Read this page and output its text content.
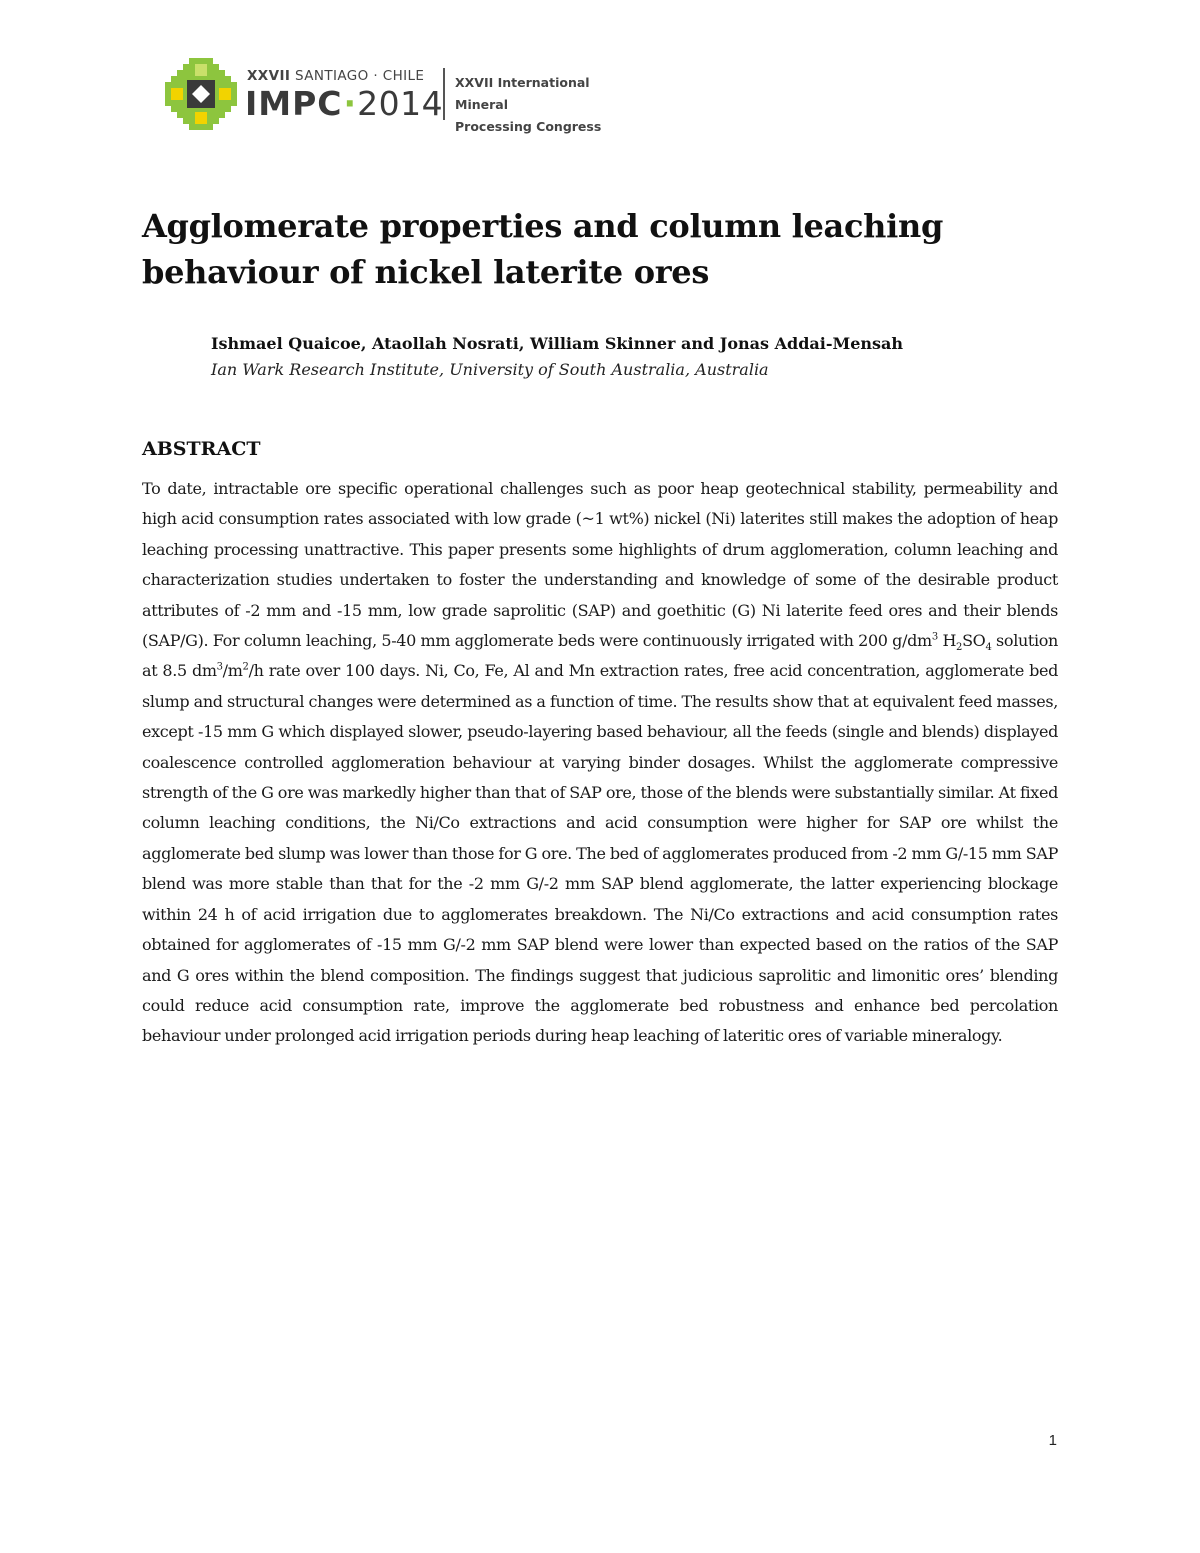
XXVII SANTIAGO · CHILE
IMPC·2014
XXVII International Mineral
Processing Congress
Agglomerate properties and column leaching behaviour of nickel laterite ores
Ishmael Quaicoe, Ataollah Nosrati, William Skinner and Jonas Addai-Mensah
Ian Wark Research Institute, University of South Australia, Australia
ABSTRACT

To date, intractable ore specific operational challenges such as poor heap geotechnical stability, permeability and high acid consumption rates associated with low grade (~1 wt%) nickel (Ni) laterites still makes the adoption of heap leaching processing unattractive. This paper presents some highlights of drum agglomeration, column leaching and characterization studies undertaken to foster the understanding and knowledge of some of the desirable product attributes of -2 mm and -15 mm, low grade saprolitic (SAP) and goethitic (G) Ni laterite feed ores and their blends (SAP/G). For column leaching, 5-40 mm agglomerate beds were continuously irrigated with 200 $g/dm^3$ $H_2SO_4$ solution at 8.5 $dm^3/m^2/h$ rate over 100 days. Ni, Co, Fe, Al and Mn extraction rates, free acid concentration, agglomerate bed slump and structural changes were determined as a function of time. The results show that at equivalent feed masses, except -15 mm G which displayed slower, pseudo-layering based behaviour, all the feeds (single and blends) displayed coalescence controlled agglomeration behaviour at varying binder dosages. Whilst the agglomerate compressive strength of the G ore was markedly higher than that of SAP ore, those of the blends were substantially similar. At fixed column leaching conditions, the Ni/Co extractions and acid consumption were higher for SAP ore whilst the agglomerate bed slump was lower than those for G ore. The bed of agglomerates produced from -2 mm G/-15 mm SAP blend was more stable than that for the -2 mm G/-2 mm SAP blend agglomerate, the latter experiencing blockage within 24 h of acid irrigation due to agglomerates breakdown. The Ni/Co extractions and acid consumption rates obtained for agglomerates of -15 mm G/-2 mm SAP blend were lower than expected based on the ratios of the SAP and G ores within the blend composition. The findings suggest that judicious saprolitic and limonitic ores’ blending could reduce acid consumption rate, improve the agglomerate bed robustness and enhance bed percolation behaviour under prolonged acid irrigation periods during heap leaching of lateritic ores of variable mineralogy.

1
